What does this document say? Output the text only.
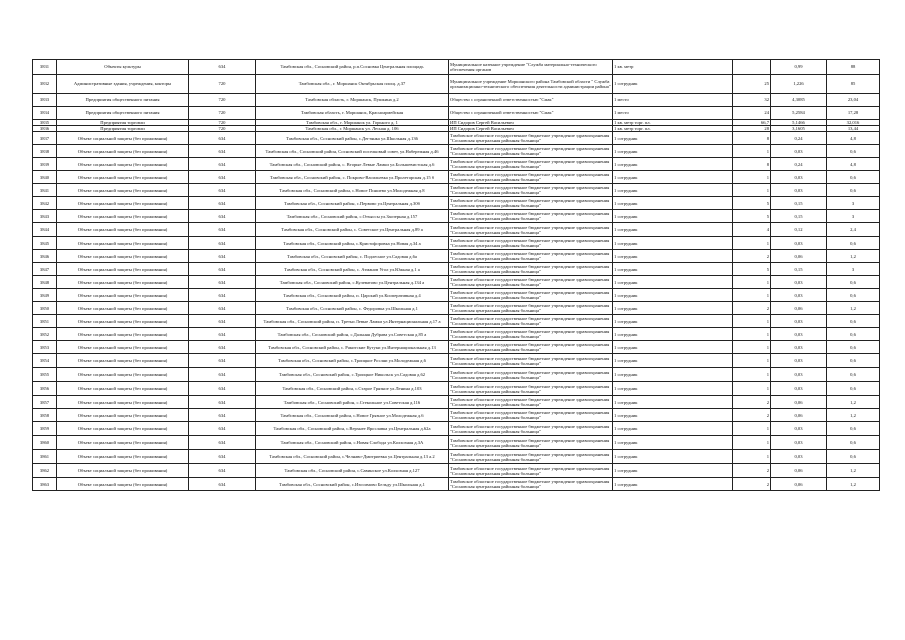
3831	Объекты культуры	634	Тамбовская обл., Сосновский район, р.п.Сосновка Центральная площадь	Муниципальное казенное учреждение "Служба материально-технического обеспечения органов	1 кв. метр		0,99	88
3832	Административные здания, учреждения, конторы	720	Тамбовская обл., г. Моршанск Октябрьская площ. д.37	Муниципальное учреждение Моршанского района Тамбовской области " Служба организационно-технического обеспечения деятельности администрации района"	1 сотрудник	25	1,226	85
3833	Предприятия общественного питания	720	Тамбовская область, г. Моршанск, Пушкина д.2	Общество с ограниченной ответственностью "Смак"	1 место	32	4,3085	23,04
3834	Предприятия общественного питания	720	Тамбовская область, г. Моршанск, Красноармейская	Общество с ограниченной ответственностью "Смак"	1 место	24	5,2584	17,28
3835	Предприятия торговли	720	Тамбовская обл., г. Моршанск ул. Горького д. 1	ИП Сидоров Сергей Васильевич	1 кв. метр торг. пл.	66,7	5,1466	32,016
3836	Предприятия торговли	720	Тамбовская обл., г. Моршанск ул. Лесная д. 106	ИП Сидоров Сергей Васильевич	1 кв. метр торг. пл.	28	3,1605	13,44
3837	Объект социальной защиты (без проживания)	634	Тамбовская обл., Сосновский район, с.Дегтянка ул.Школьная д.136	Тамбовское областное государственное бюджетное учреждение здравоохранения "Сосновская центральная районная больница"	1 сотрудник	8	0,24	4,8
3838	Объект социальной защиты (без проживания)	634	Тамбовская обл., Сосновский район, Сосновский поселковый совет, ул.Набережная д.46	Тамбовское областное государственное бюджетное учреждение здравоохранения "Сосновская центральная районная больница"	1 сотрудник	1	0,03	0,6
3839	Объект социальной защиты (без проживания)	634	Тамбовская обл., Сосновский район, с. Вторые Левые Ламки ул.Большевистская д.6	Тамбовское областное государственное бюджетное учреждение здравоохранения "Сосновская центральная районная больница"	1 сотрудник	8	0,24	4,8
3840	Объект социальной защиты (без проживания)	634	Тамбовская обл., Сосновский район, с. Покрово-Васильевка ул.Пролетарская д.15 б	Тамбовское областное государственное бюджетное учреждение здравоохранения "Сосновская центральная районная больница"	1 сотрудник	1	0,03	0,6
3841	Объект социальной защиты (без проживания)	634	Тамбовская обл., Сосновский район, с.Новое Псяшево ул.Молодежная д.8	Тамбовское областное государственное бюджетное учреждение здравоохранения "Сосновская центральная районная больница"	1 сотрудник	1	0,03	0,6
3842	Объект социальной защиты (без проживания)	634	Тамбовская обл., Сосновский район, с.Первово ул.Центральная д.30б	Тамбовское областное государственное бюджетное учреждение здравоохранения "Сосновская центральная районная больница"	1 сотрудник	5	0,15	3
3843	Объект социальной защиты (без проживания)	634	Тамбовская обл., Сосновский район, с.Отъяссы ул.Заозерная д.157	Тамбовское областное государственное бюджетное учреждение здравоохранения "Сосновская центральная районная больница"	1 сотрудник	5	0,15	3
3844	Объект социальной защиты (без проживания)	634	Тамбовская обл., Сосновский район, с. Советское ул.Центральная д.89 а	Тамбовское областное государственное бюджетное учреждение здравоохранения "Сосновская центральная районная больница"	1 сотрудник	4	0,12	2,4
3845	Объект социальной защиты (без проживания)	634	Тамбовская обл., Сосновский район, с.Кристофоровка ул.Новая д.34 а	Тамбовское областное государственное бюджетное учреждение здравоохранения "Сосновская центральная районная больница"	1 сотрудник	1	0,03	0,6
3846	Объект социальной защиты (без проживания)	634	Тамбовская обл., Сосновский район, с. Подлесное ул.Садовая д.6а	Тамбовское областное государственное бюджетное учреждение здравоохранения "Сосновская центральная районная больница"	1 сотрудник	2	0,06	1,2
3847	Объект социальной защиты (без проживания)	634	Тамбовская обл., Сосновский район, с. Атманов Угол ул.Южная д.1 а	Тамбовское областное государственное бюджетное учреждение здравоохранения "Сосновская центральная районная больница"	1 сотрудник	5	0,15	3
3848	Объект социальной защиты (без проживания)	634	Тамбовская обл., Сосновский район, с.Кулеватово ул.Центральная д.134 а	Тамбовское областное государственное бюджетное учреждение здравоохранения "Сосновская центральная районная больница"	1 сотрудник	1	0,03	0,6
3849	Объект социальной защиты (без проживания)	634	Тамбовская обл., Сосновский район, п. Царский ул.Кооперативная д.4	Тамбовское областное государственное бюджетное учреждение здравоохранения "Сосновская центральная районная больница"	1 сотрудник	1	0,03	0,6
3850	Объект социальной защиты (без проживания)	634	Тамбовская обл., Сосновский район, с. Федоровка ул.Школьная д.1	Тамбовское областное государственное бюджетное учреждение здравоохранения "Сосновская центральная районная больница"	1 сотрудник	2	0,06	1,2
3851	Объект социальной защиты (без проживания)	634	Тамбовская обл., Сосновский район, п. Третьи Левые Ламки ул.Интернациональная д.17 а	Тамбовское областное государственное бюджетное учреждение здравоохранения "Сосновская центральная районная больница"	1 сотрудник	1	0,03	0,6
3852	Объект социальной защиты (без проживания)	634	Тамбовская обл., Сосновский район, с.Дальняя Дубрава ул.Советская д.85 а	Тамбовское областное государственное бюджетное учреждение здравоохранения "Сосновская центральная районная больница"	1 сотрудник	1	0,03	0,6
3853	Объект социальной защиты (без проживания)	634	Тамбовская обл., Сосновский район, с. Ракитские Кутуки ул.Интернациональная д.13	Тамбовское областное государственное бюджетное учреждение здравоохранения "Сосновская центральная районная больница"	1 сотрудник	1	0,03	0,6
3854	Объект социальной защиты (без проживания)	634	Тамбовская обл., Сосновский район, с.Троицкое Росляи ул.Молодежная д.6	Тамбовское областное государственное бюджетное учреждение здравоохранения "Сосновская центральная районная больница"	1 сотрудник	1	0,03	0,6
3855	Объект социальной защиты (без проживания)	634	Тамбовская обл., Сосновский район, с.Троицкое Никольск ул.Садовая д.62	Тамбовское областное государственное бюджетное учреждение здравоохранения "Сосновская центральная районная больница"	1 сотрудник	1	0,03	0,6
3856	Объект социальной защиты (без проживания)	634	Тамбовская обл., Сосновский район, с.Старое Грязное ул.Ленина д.103	Тамбовское областное государственное бюджетное учреждение здравоохранения "Сосновская центральная районная больница"	1 сотрудник	1	0,03	0,6
3857	Объект социальной защиты (без проживания)	634	Тамбовская обл., Сосновский район, с.Стекольное ул.Советская д.116	Тамбовское областное государственное бюджетное учреждение здравоохранения "Сосновская центральная районная больница"	1 сотрудник	2	0,06	1,2
3858	Объект социальной защиты (без проживания)	634	Тамбовская обл., Сосновский район, с.Новое Грязное ул.Молодежная д.6	Тамбовское областное государственное бюджетное учреждение здравоохранения "Сосновская центральная районная больница"	1 сотрудник	2	0,06	1,2
3859	Объект социальной защиты (без проживания)	634	Тамбовская обл., Сосновский район, с.Верхнее Ярославка ул.Центральная д.62а	Тамбовское областное государственное бюджетное учреждение здравоохранения "Сосновская центральная районная больница"	1 сотрудник	1	0,03	0,6
3860	Объект социальной защиты (без проживания)	634	Тамбовская обл., Сосновский район, с.Новая Слобода ул.Колхозная д.3А	Тамбовское областное государственное бюджетное учреждение здравоохранения "Сосновская центральная районная больница"	1 сотрудник	1	0,03	0,6
3861	Объект социальной защиты (без проживания)	634	Тамбовская обл., Сосновский район, с.Челнаво-Дмитриевка ул.Центральная д.13 а.2	Тамбовское областное государственное бюджетное учреждение здравоохранения "Сосновская центральная районная больница"	1 сотрудник	1	0,03	0,6
3862	Объект социальной защиты (без проживания)	634	Тамбовская обл., Сосновский район, с.Савинское ул.Колхозная д.127	Тамбовское областное государственное бюджетное учреждение здравоохранения "Сосновская центральная районная больница"	1 сотрудник	2	0,06	1,2
3863	Объект социальной защиты (без проживания)	634	Тамбовская обл., Сосновский район, с.Изосимово Бельду ул.Школьная д.1	Тамбовское областное государственное бюджетное учреждение здравоохранения "Сосновская центральная районная больница"	1 сотрудник	2	0,06	1,2
